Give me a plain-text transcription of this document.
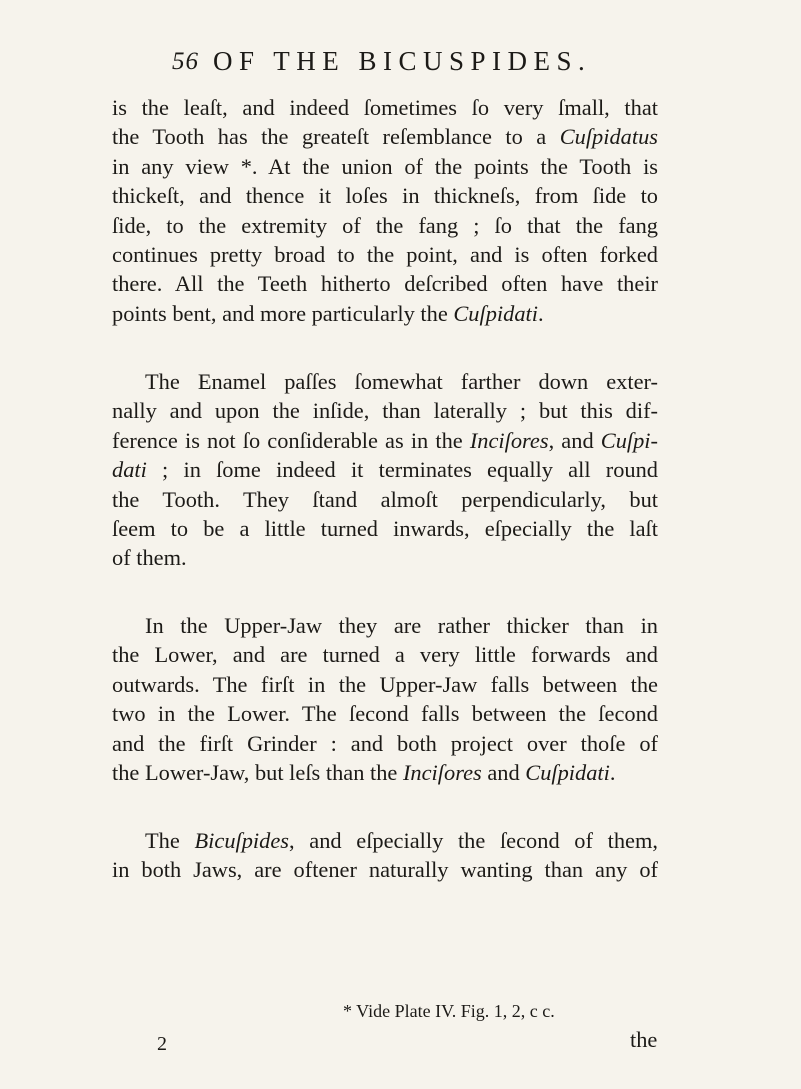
56 OF THE BICUSPIDES.
is the leaſt, and indeed ſometimes ſo very ſmall, that
the Tooth has the greateſt reſemblance to a Cuſpidatus
in any view *. At the union of the points the Tooth is
thickeſt, and thence it loſes in thickneſs, from ſide to
ſide, to the extremity of the fang ; ſo that the fang
continues pretty broad to the point, and is often forked
there. All the Teeth hitherto deſcribed often have their
points bent, and more particularly the Cuſpidati.
The Enamel paſſes ſomewhat farther down exter-
nally and upon the inſide, than laterally ; but this dif-
ference is not ſo conſiderable as in the Inciſores, and Cuſpi-
dati ; in ſome indeed it terminates equally all round
the Tooth. They ſtand almoſt perpendicularly, but
ſeem to be a little turned inwards, eſpecially the laſt
of them.
In the Upper-Jaw they are rather thicker than in
the Lower, and are turned a very little forwards and
outwards. The firſt in the Upper-Jaw falls between the
two in the Lower. The ſecond falls between the ſecond
and the firſt Grinder : and both project over thoſe of
the Lower-Jaw, but leſs than the Inciſores and Cuſpidati.
The Bicuſpides, and eſpecially the ſecond of them,
in both Jaws, are oftener naturally wanting than any of
* Vide Plate IV. Fig. 1, 2, c c.
2	the
